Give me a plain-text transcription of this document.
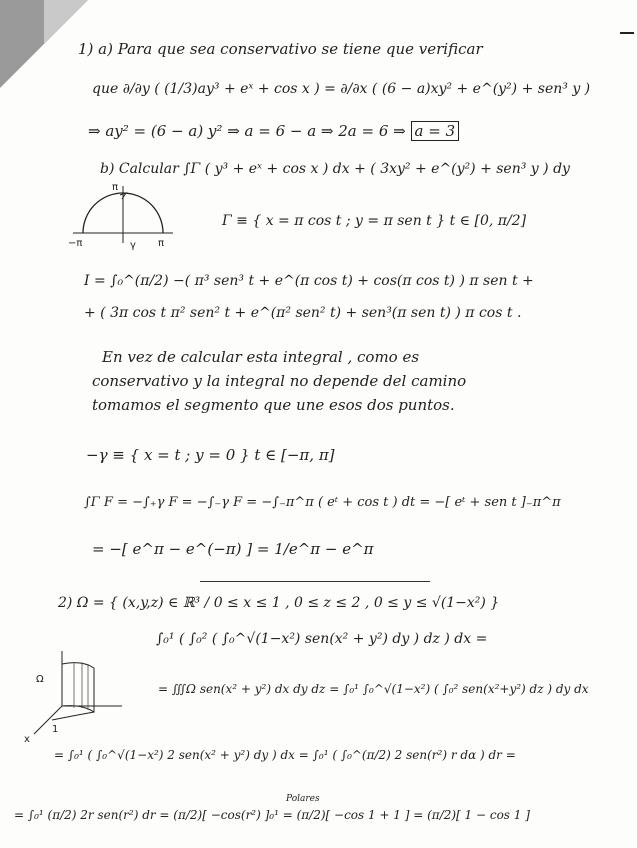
1) a) Para que sea conservativo se tiene que verificar
que ∂/∂y ( (1/3)ay³ + eˣ + cos x ) = ∂/∂x ( (6 − a)xy² + e^(y²) + sen³ y )
⇒ ay² = (6 − a) y² ⇒ a = 6 − a ⇒ 2a = 6 ⇒ a = 3
b) Calcular ∫Γ ( y³ + eˣ + cos x ) dx + ( 3xy² + e^(y²) + sen³ y ) dy
π
γ
−π	π
Γ ≡ { x = π cos t ; y = π sen t } t ∈ [0, π/2]
I = ∫₀^(π/2) −( π³ sen³ t + e^(π cos t) + cos(π cos t) ) π sen t +
+ ( 3π cos t π² sen² t + e^(π² sen² t) + sen³(π sen t) ) π cos t .
En vez de calcular esta integral , como es
conservativo y la integral no depende del camino
tomamos el segmento que une esos dos puntos.
−γ ≡ { x = t ; y = 0 } t ∈ [−π, π]
∫Γ F = −∫₊γ F = −∫₋γ F = −∫₋π^π ( eᵗ + cos t ) dt = −[ eᵗ + sen t ]₋π^π
= −[ e^π − e^(−π) ] = 1/e^π − e^π
2) Ω = { (x,y,z) ∈ ℝ³ / 0 ≤ x ≤ 1 , 0 ≤ z ≤ 2 , 0 ≤ y ≤ √(1−x²) }
∫₀¹ ( ∫₀² ( ∫₀^√(1−x²) sen(x² + y²) dy ) dz ) dx =
Ω
x
1
= ∭Ω sen(x² + y²) dx dy dz = ∫₀¹ ∫₀^√(1−x²) ( ∫₀² sen(x²+y²) dz ) dy dx
= ∫₀¹ ( ∫₀^√(1−x²) 2 sen(x² + y²) dy ) dx = ∫₀¹ ( ∫₀^(π/2) 2 sen(r²) r dα ) dr =
Polares
= ∫₀¹ (π/2) 2r sen(r²) dr = (π/2)[ −cos(r²) ]₀¹ = (π/2)[ −cos 1 + 1 ] = (π/2)[ 1 − cos 1 ]
